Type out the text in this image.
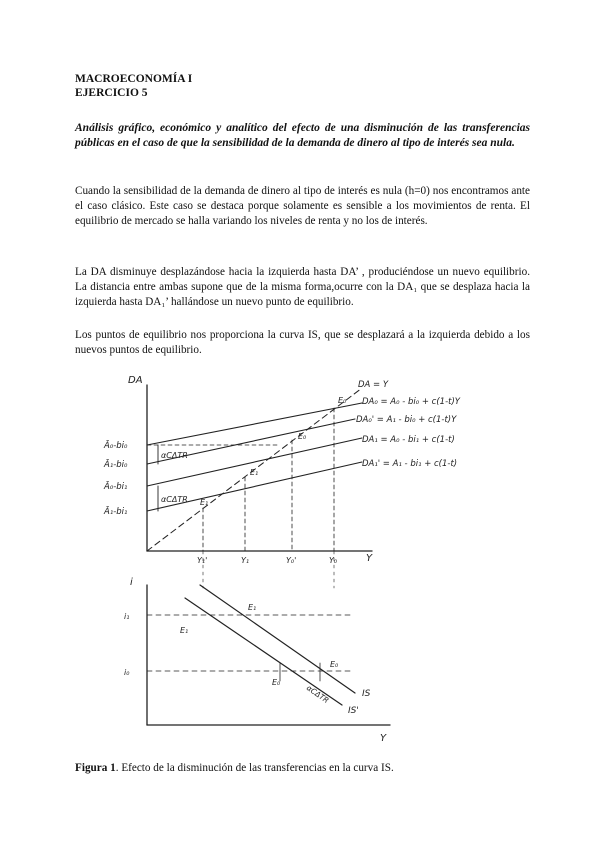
MACROECONOMÍA I

EJERCICIO 5

Análisis gráfico, económico y analítico del efecto de una disminución de las transferencias públicas en el caso de que la sensibilidad de la demanda de dinero al tipo de interés sea nula.

Cuando la sensibilidad de la demanda de dinero al tipo de interés es nula (h=0) nos encontramos ante el caso clásico. Este caso se destaca porque solamente es sensible a los movimientos de renta. El equilibrio de mercado se halla variando los niveles de renta y no los de interés.

La DA disminuye desplazándose hacia la izquierda hasta DA’ , produciéndose un nuevo equilibrio. La distancia entre ambas supone que de la misma forma,ocurre con la DA₁ que se desplaza hacia la izquierda hasta DA₁’ hallándose un nuevo punto de equilibrio.

Los puntos de equilibrio nos proporciona la curva IS, que se desplazará a la izquierda debido a los nuevos puntos de equilibrio.

DA
Y
DA = Y
DA₀ = A₀ - bi₀ + c(1-t)Y
DA₀' = A₁ - bi₀ + c(1-t)Y
DA₁ = A₀ - bi₁ + c(1-t)
DA₁' = A₁ - bi₁ + c(1-t)
Ā₀-bi₀
Ā₁-bi₀
Ā₀-bi₁
Ā₁-bi₁
E₀
E₀
E₁
E₁
αCΔTR
αCΔTR
Y₁'	Y₁	Y₀'	Y₀
i
Y
i₁
i₀
E₁
E₁
E₀
E₀
IS
IS'
αCΔTR

Figura 1. Efecto de la disminución de las transferencias en la curva IS.
